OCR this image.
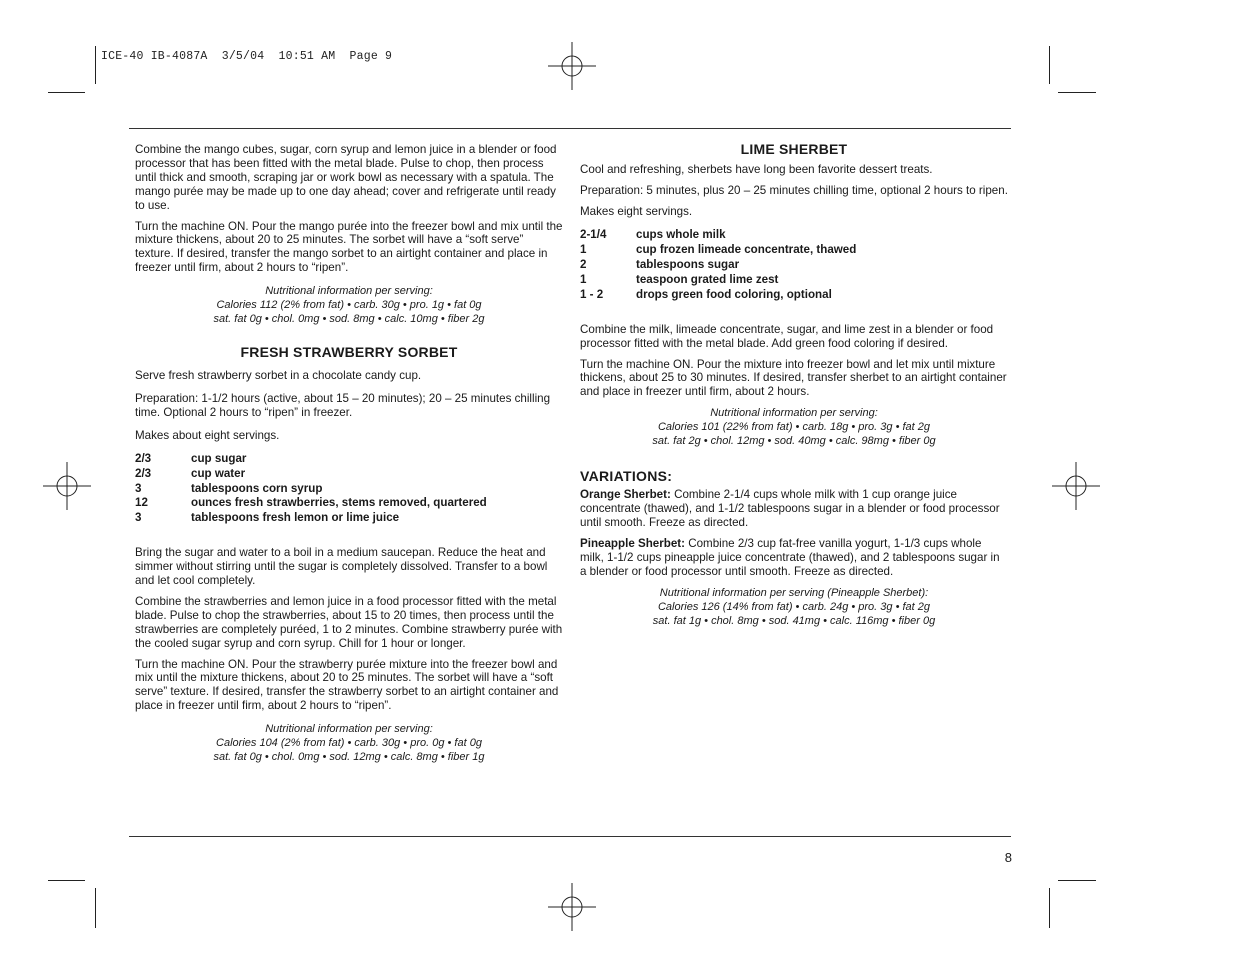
ICE-40 IB-4087A  3/5/04  10:51 AM  Page 9

Combine the mango cubes, sugar, corn syrup and lemon juice in a blender or food processor that has been fitted with the metal blade. Pulse to chop, then process until thick and smooth, scraping jar or work bowl as necessary with a spatula. The mango purée may be made up to one day ahead; cover and refrigerate until ready to use.

Turn the machine ON. Pour the mango purée into the freezer bowl and mix until the mixture thickens, about 20 to 25 minutes. The sorbet will have a “soft serve” texture. If desired, transfer the mango sorbet to an airtight container and place in freezer until firm, about 2 hours to “ripen”.

Nutritional information per serving:
Calories 112 (2% from fat) • carb. 30g • pro. 1g • fat 0g
sat. fat 0g • chol. 0mg • sod. 8mg • calc. 10mg • fiber 2g
FRESH STRAWBERRY SORBET

Serve fresh strawberry sorbet in a chocolate candy cup.

Preparation: 1-1/2 hours (active, about 15 – 20 minutes); 20 – 25 minutes chilling time. Optional 2 hours to “ripen” in freezer.

Makes about eight servings.

2/3	cup sugar
2/3	cup water
3	tablespoons corn syrup
12	ounces fresh strawberries, stems removed, quartered
3	tablespoons fresh lemon or lime juice

Bring the sugar and water to a boil in a medium saucepan. Reduce the heat and simmer without stirring until the sugar is completely dissolved. Transfer to a bowl and let cool completely.

Combine the strawberries and lemon juice in a food processor fitted with the metal blade. Pulse to chop the strawberries, about 15 to 20 times, then process until the strawberries are completely puréed, 1 to 2 minutes. Combine strawberry purée with the cooled sugar syrup and corn syrup. Chill for 1 hour or longer.

Turn the machine ON. Pour the strawberry purée mixture into the freezer bowl and mix until the mixture thickens, about 20 to 25 minutes. The sorbet will have a “soft serve” texture. If desired, transfer the strawberry sorbet to an airtight container and place in freezer until firm, about 2 hours to “ripen”.

Nutritional information per serving:
Calories 104 (2% from fat) • carb. 30g • pro. 0g • fat 0g
sat. fat 0g • chol. 0mg • sod. 12mg • calc. 8mg • fiber 1g
LIME SHERBET

Cool and refreshing, sherbets have long been favorite dessert treats.

Preparation: 5 minutes, plus 20 – 25 minutes chilling time, optional 2 hours to ripen.

Makes eight servings.

2-1/4	cups whole milk
1	cup frozen limeade concentrate, thawed
2	tablespoons sugar
1	teaspoon grated lime zest
1 - 2	drops green food coloring, optional

Combine the milk, limeade concentrate, sugar, and lime zest in a blender or food processor fitted with the metal blade. Add green food coloring if desired.

Turn the machine ON. Pour the mixture into freezer bowl and let mix until mixture thickens, about 25 to 30 minutes. If desired, transfer sherbet to an airtight container and place in freezer until firm, about 2 hours.

Nutritional information per serving:
Calories 101 (22% from fat) • carb. 18g • pro. 3g • fat 2g
sat. fat 2g • chol. 12mg • sod. 40mg • calc. 98mg • fiber 0g
VARIATIONS:

Orange Sherbet: Combine 2-1/4 cups whole milk with 1 cup orange juice concentrate (thawed), and 1-1/2 tablespoons sugar in a blender or food processor until smooth. Freeze as directed.

Pineapple Sherbet: Combine 2/3 cup fat-free vanilla yogurt, 1-1/3 cups whole milk, 1-1/2 cups pineapple juice concentrate (thawed), and 2 tablespoons sugar in a blender or food processor until smooth. Freeze as directed.

Nutritional information per serving (Pineapple Sherbet):
Calories 126 (14% from fat) • carb. 24g • pro. 3g • fat 2g
sat. fat 1g • chol. 8mg • sod. 41mg • calc. 116mg • fiber 0g
8
